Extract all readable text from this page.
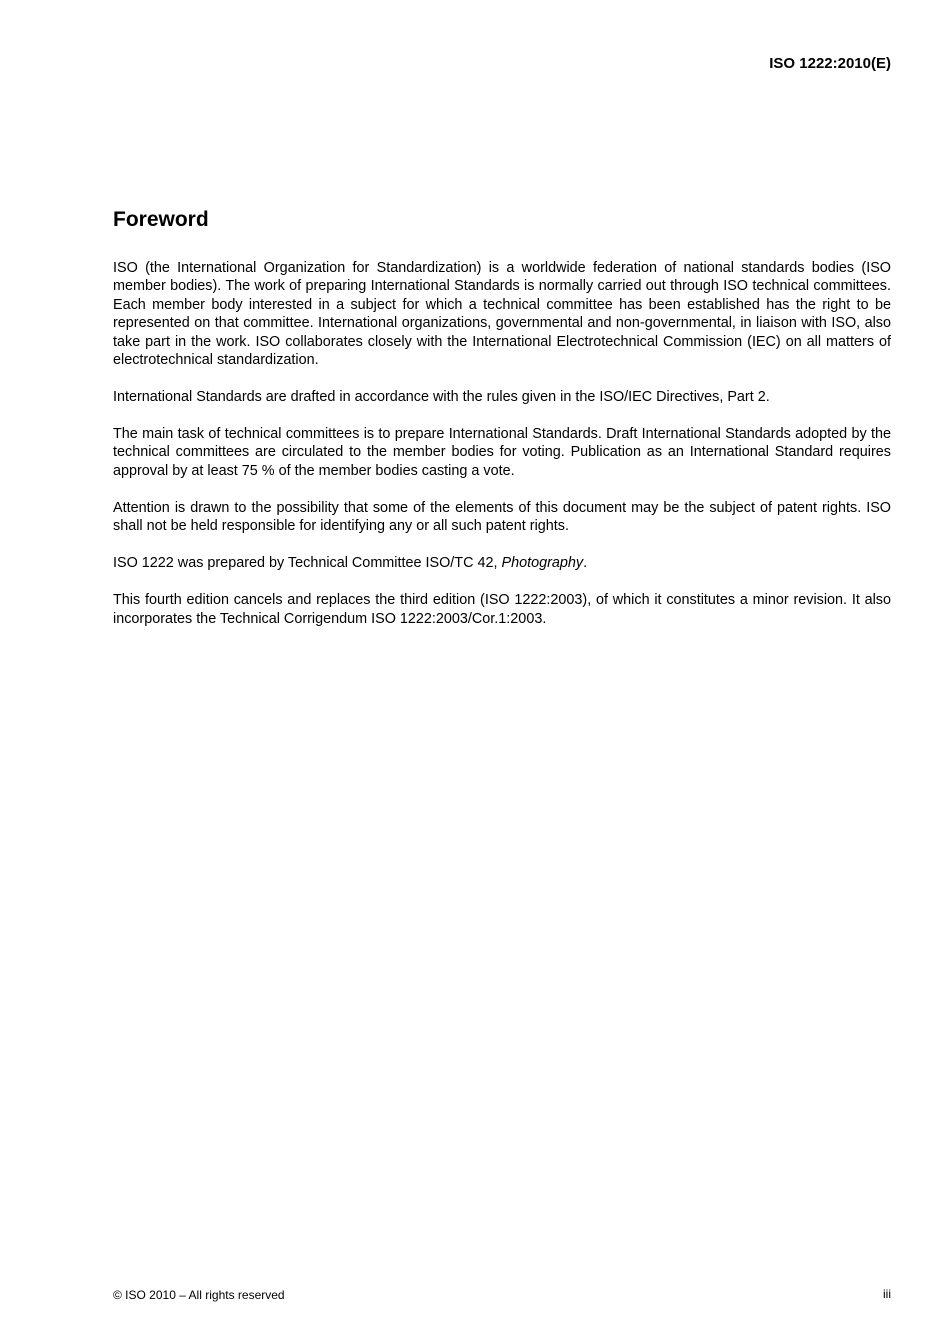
ISO 1222:2010(E)

Foreword

ISO (the International Organization for Standardization) is a worldwide federation of national standards bodies (ISO member bodies). The work of preparing International Standards is normally carried out through ISO technical committees. Each member body interested in a subject for which a technical committee has been established has the right to be represented on that committee. International organizations, governmental and non-governmental, in liaison with ISO, also take part in the work. ISO collaborates closely with the International Electrotechnical Commission (IEC) on all matters of electrotechnical standardization.

International Standards are drafted in accordance with the rules given in the ISO/IEC Directives, Part 2.

The main task of technical committees is to prepare International Standards. Draft International Standards adopted by the technical committees are circulated to the member bodies for voting. Publication as an International Standard requires approval by at least 75 % of the member bodies casting a vote.

Attention is drawn to the possibility that some of the elements of this document may be the subject of patent rights. ISO shall not be held responsible for identifying any or all such patent rights.

ISO 1222 was prepared by Technical Committee ISO/TC 42, Photography.

This fourth edition cancels and replaces the third edition (ISO 1222:2003), of which it constitutes a minor revision. It also incorporates the Technical Corrigendum ISO 1222:2003/Cor.1:2003.

© ISO 2010 – All rights reserved	iii
